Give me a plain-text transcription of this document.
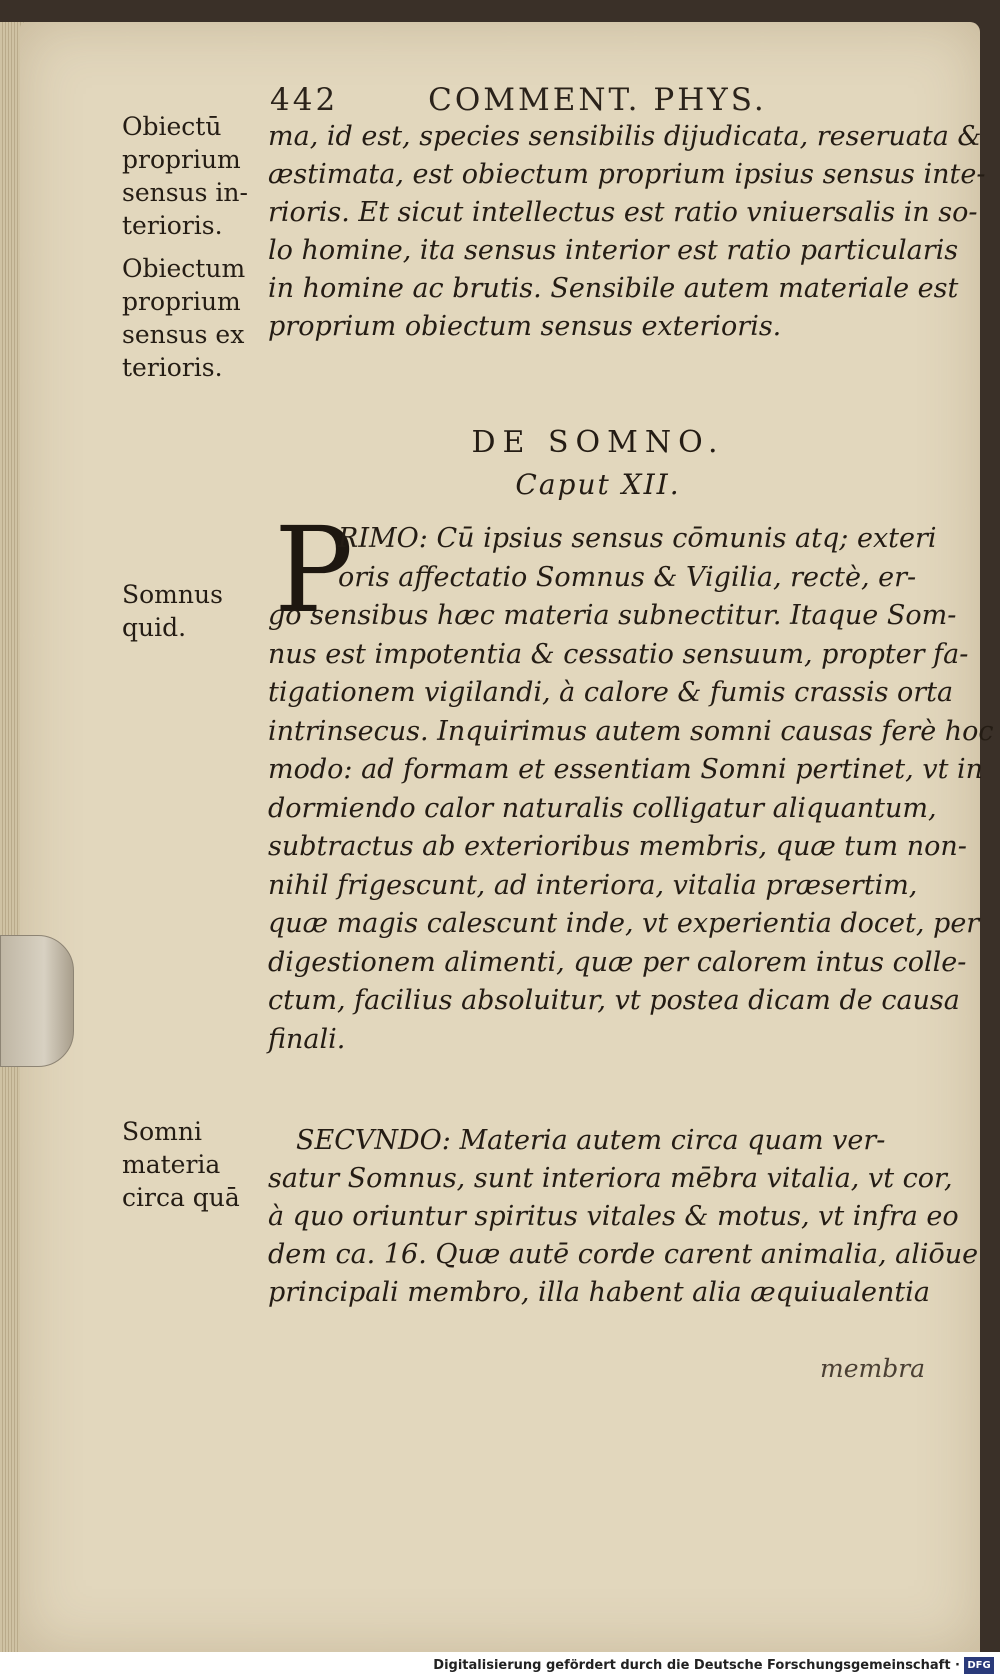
442	COMMENT. PHYS.
Obiectū
proprium
sensus in-
terioris.
Obiectum
proprium
sensus ex
terioris.
Somnus
quid.
Somni
materia
circa quā
ma, id est, species sensibilis dijudicata, reseruata &
æstimata, est obiectum proprium ipsius sensus inte-
rioris. Et sicut intellectus est ratio vniuersalis in so-
lo homine, ita sensus interior est ratio particularis
in homine ac brutis. Sensibile autem materiale est
proprium obiectum sensus exterioris.
DE SOMNO.
Caput XII.
P
RIMO: Cū ipsius sensus cōmunis atq; exteri
oris affectatio Somnus & Vigilia, rectè, er-
go sensibus hæc materia subnectitur. Itaque Som-
nus est impotentia & cessatio sensuum, propter fa-
tigationem vigilandi, à calore & fumis crassis orta
intrinsecus. Inquirimus autem somni causas ferè hoc
modo: ad formam et essentiam Somni pertinet, vt in
dormiendo calor naturalis colligatur aliquantum,
subtractus ab exterioribus membris, quæ tum non-
nihil frigescunt, ad interiora, vitalia præsertim,
quæ magis calescunt inde, vt experientia docet, per
digestionem alimenti, quæ per calorem intus colle-
ctum, facilius absoluitur, vt postea dicam de causa
finali.
SECVNDO: Materia autem circa quam ver-
satur Somnus, sunt interiora mēbra vitalia, vt cor,
à quo oriuntur spiritus vitales & motus, vt infra eo
dem ca. 16. Quæ autē corde carent animalia, aliōue
principali membro, illa habent alia æquiualentia
membra
Digitalisierung gefördert durch die Deutsche Forschungsgemeinschaft · DFG
